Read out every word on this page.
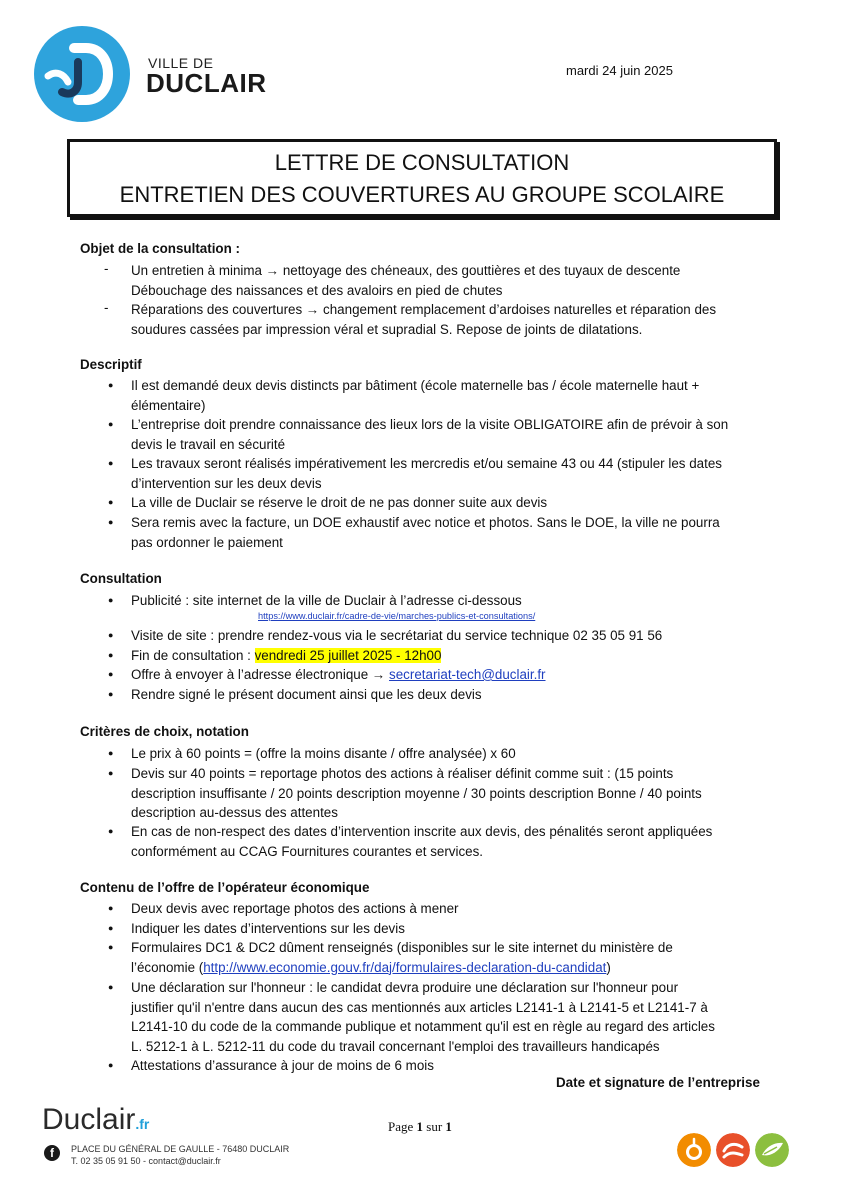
VILLE DE
DUCLAIR	mardi 24 juin 2025
LETTRE DE CONSULTATION
ENTRETIEN DES COUVERTURES AU GROUPE SCOLAIRE
Objet de la consultation :
- Un entretien à minima → nettoyage des chéneaux, des gouttières et des tuyaux de descente
Débouchage des naissances et des avaloirs en pied de chutes
- Réparations des couvertures → changement remplacement d’ardoises naturelles et réparation des
soudures cassées par impression véral et supradial S. Repose de joints de dilatations.
Descriptif
● Il est demandé deux devis distincts par bâtiment (école maternelle bas / école maternelle haut +
élémentaire)
● L’entreprise doit prendre connaissance des lieux lors de la visite OBLIGATOIRE afin de prévoir à son
devis le travail en sécurité
● Les travaux seront réalisés impérativement les mercredis et/ou semaine 43 ou 44 (stipuler les dates
d’intervention sur les deux devis
● La ville de Duclair se réserve le droit de ne pas donner suite aux devis
● Sera remis avec la facture, un DOE exhaustif avec notice et photos. Sans le DOE, la ville ne pourra
pas ordonner le paiement
Consultation
● Publicité : site internet de la ville de Duclair à l’adresse ci-dessous
https://www.duclair.fr/cadre-de-vie/marches-publics-et-consultations/
● Visite de site : prendre rendez-vous via le secrétariat du service technique 02 35 05 91 56
● Fin de consultation : vendredi 25 juillet 2025 - 12h00
● Offre à envoyer à l’adresse électronique → secretariat-tech@duclair.fr
● Rendre signé le présent document ainsi que les deux devis
Critères de choix, notation
● Le prix à 60 points = (offre la moins disante / offre analysée) x 60
● Devis sur 40 points = reportage photos des actions à réaliser définit comme suit : (15 points
description insuffisante / 20 points description moyenne / 30 points description Bonne / 40 points
description au-dessus des attentes
● En cas de non-respect des dates d’intervention inscrite aux devis, des pénalités seront appliquées
conformément au CCAG Fournitures courantes et services.
Contenu de l’offre de l’opérateur économique
● Deux devis avec reportage photos des actions à mener
● Indiquer les dates d’interventions sur les devis
● Formulaires DC1 & DC2 dûment renseignés (disponibles sur le site internet du ministère de
l’économie (http://www.economie.gouv.fr/daj/formulaires-declaration-du-candidat)
● Une déclaration sur l'honneur : le candidat devra produire une déclaration sur l'honneur pour
justifier qu'il n'entre dans aucun des cas mentionnés aux articles L2141-1 à L2141-5 et L2141-7 à
L2141-10 du code de la commande publique et notamment qu'il est en règle au regard des articles
L. 5212-1 à L. 5212-11 du code du travail concernant l'emploi des travailleurs handicapés
● Attestations d’assurance à jour de moins de 6 mois
Date et signature de l’entreprise
Duclair.fr
f	PLACE DU GÉNÉRAL DE GAULLE - 76480 DUCLAIR
T. 02 35 05 91 50 - contact@duclair.fr
Page 1 sur 1
